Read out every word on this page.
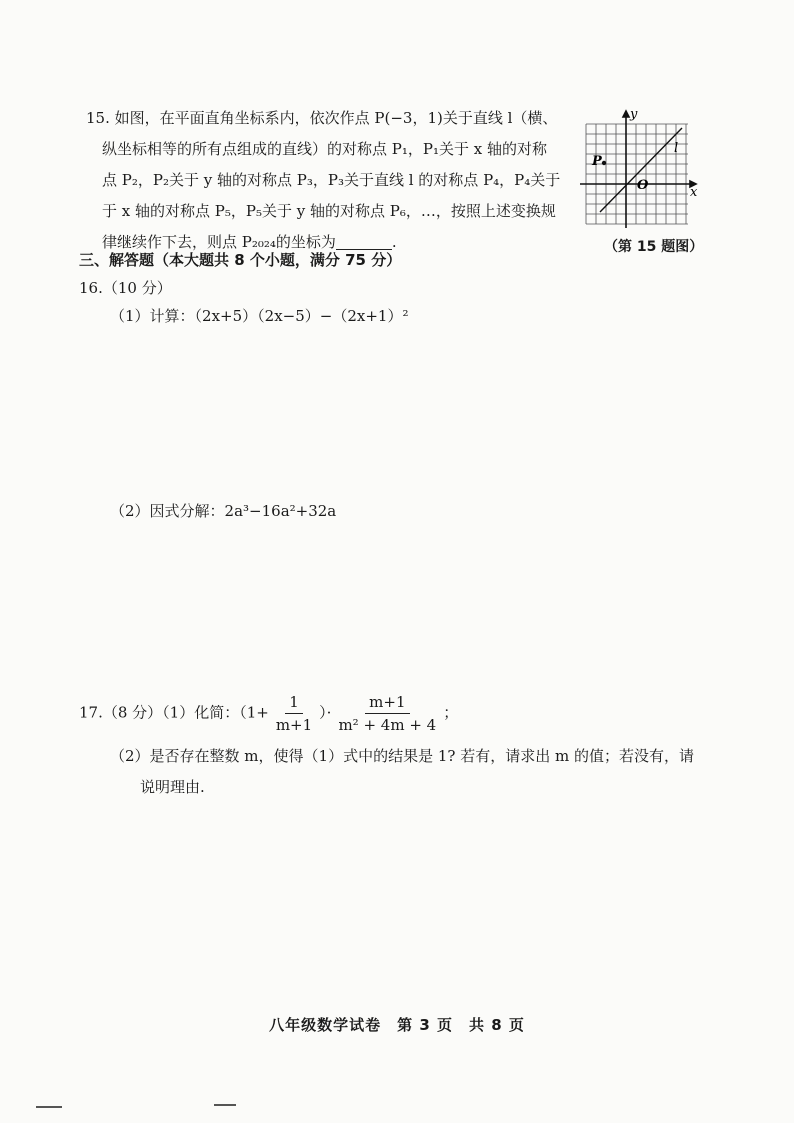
15. 如图，在平面直角坐标系内，依次作点 P(−3，1)关于直线 l（横、

纵坐标相等的所有点组成的直线）的对称点 P₁，P₁关于 x 轴的对称

点 P₂，P₂关于 y 轴的对称点 P₃，P₃关于直线 l 的对称点 P₄，P₄关于

于 x 轴的对称点 P₅，P₅关于 y 轴的对称点 P₆，…，按照上述变换规

律继续作下去，则点 P₂₀₂₄的坐标为	.

y
x
l
P
O
（第 15 题图）
三、解答题（本大题共 8 个小题，满分 75 分）
16.（10 分）
（1）计算：（2x+5）（2x−5）−（2x+1）²
（2）因式分解：2a³−16a²+32a
17.（8 分）（1）化简：（$1+ \frac{1}{m+1}$ ）· $\frac{m+1}{\text{m² + 4m + 4}}$ ；
（2）是否存在整数 m，使得（1）式中的结果是 1? 若有，请求出 m 的值；若没有，请
说明理由.
八年级数学试卷　第 3 页　共 8 页
